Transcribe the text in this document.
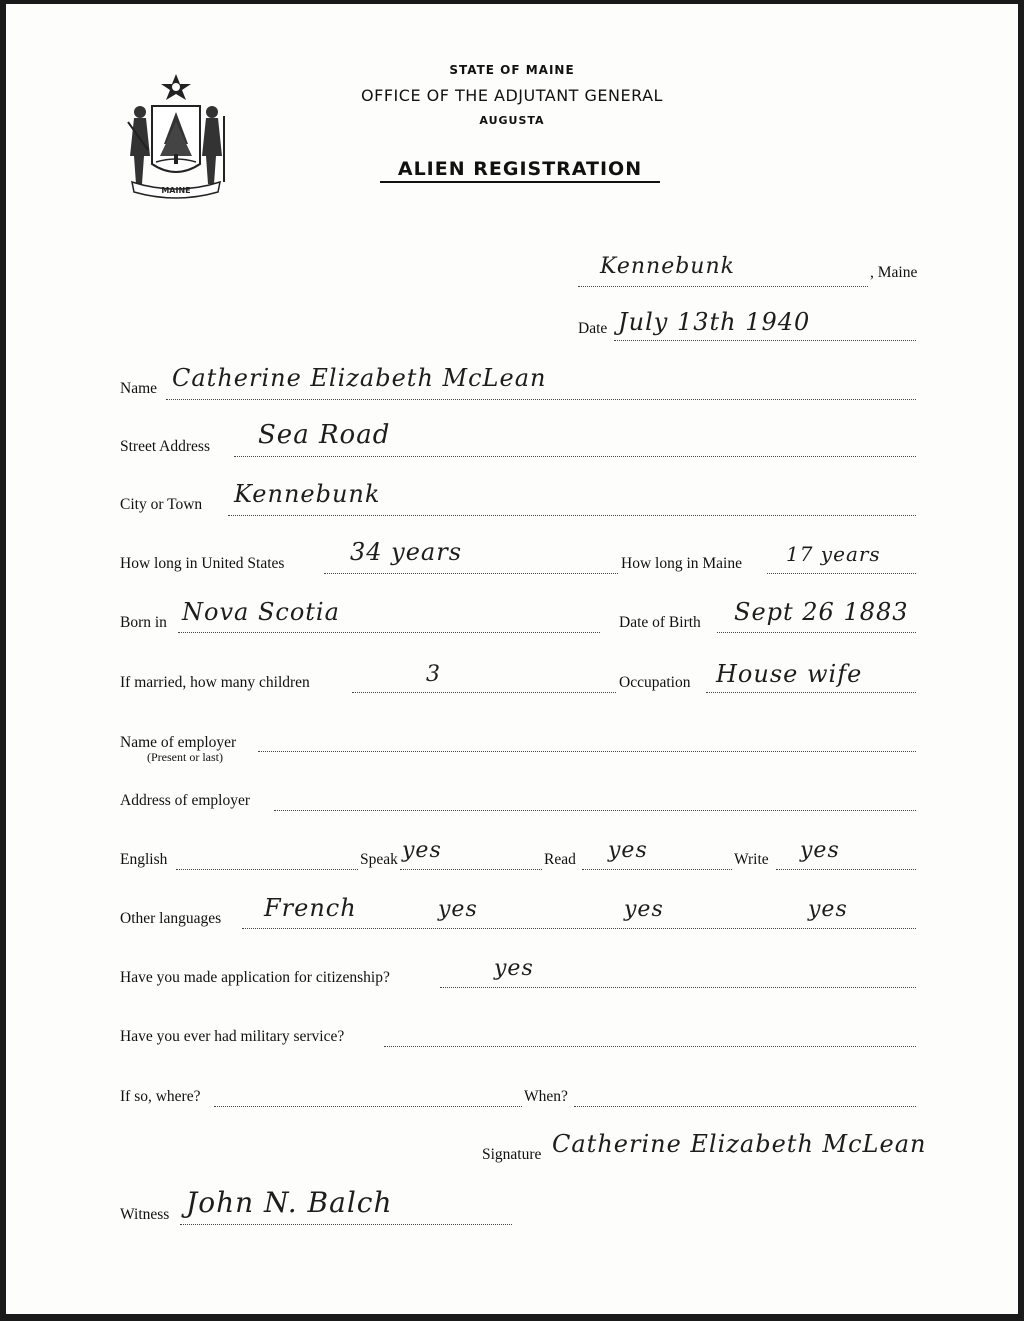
MAINE
STATE OF MAINE
OFFICE OF THE ADJUTANT GENERAL
AUGUSTA
ALIEN REGISTRATION
Kennebunk	, Maine
Date July 13th 1940
Name Catherine Elizabeth McLean
Street Address Sea Road
City or Town Kennebunk
How long in United States	34 years	How long in Maine 17 years
Born in Nova Scotia	Date of Birth Sept 26 1883
If married, how many children	3	Occupation House wife
Name of employer
(Present or last)
Address of employer
English	Speak yes	Read yes	Write yes
Other languages French	yes	yes	yes
Have you made application for citizenship?	yes
Have you ever had military service?
If so, where?	When?
Signature Catherine Elizabeth McLean
Witness John N. Balch
